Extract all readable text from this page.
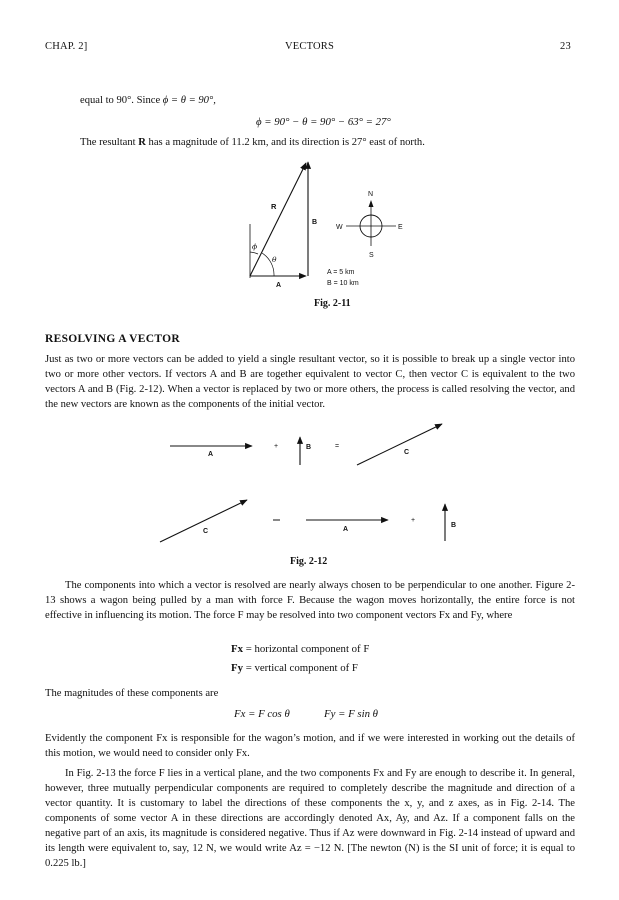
CHAP. 2]	VECTORS	23
equal to 90°. Since ϕ = θ = 90°,
ϕ = 90° − θ = 90° − 63° = 27°
The resultant R has a magnitude of 11.2 km, and its direction is 27° east of north.
R
B
A
ϕ
θ
N
S
E
W
A = 5 km
B = 10 km
Fig. 2-11
RESOLVING A VECTOR
Just as two or more vectors can be added to yield a single resultant vector, so it is possible to break up a single vector into two or more other vectors. If vectors A and B are together equivalent to vector C, then vector C is equivalent to the two vectors A and B (Fig. 2-12). When a vector is replaced by two or more others, the process is called resolving the vector, and the new vectors are known as the components of the initial vector.
A
+	B	=
C
C	A
+
B
Fig. 2-12
The components into which a vector is resolved are nearly always chosen to be perpendicular to one another. Figure 2-13 shows a wagon being pulled by a man with force F. Because the wagon moves horizontally, the entire force is not effective in influencing its motion. The force F may be resolved into two component vectors Fx and Fy, where
Fx = horizontal component of F
Fy = vertical component of F
The magnitudes of these components are
Fx = F cos θ	Fy = F sin θ
Evidently the component Fx is responsible for the wagon’s motion, and if we were interested in working out the details of this motion, we would need to consider only Fx.
In Fig. 2-13 the force F lies in a vertical plane, and the two components Fx and Fy are enough to describe it. In general, however, three mutually perpendicular components are required to completely describe the magnitude and direction of a vector quantity. It is customary to label the directions of these components the x, y, and z axes, as in Fig. 2-14. The components of some vector A in these directions are accordingly denoted Ax, Ay, and Az. If a component falls on the negative part of an axis, its magnitude is considered negative. Thus if Az were downward in Fig. 2-14 instead of upward and its length were equivalent to, say, 12 N, we would write Az = −12 N. [The newton (N) is the SI unit of force; it is equal to 0.225 lb.]
